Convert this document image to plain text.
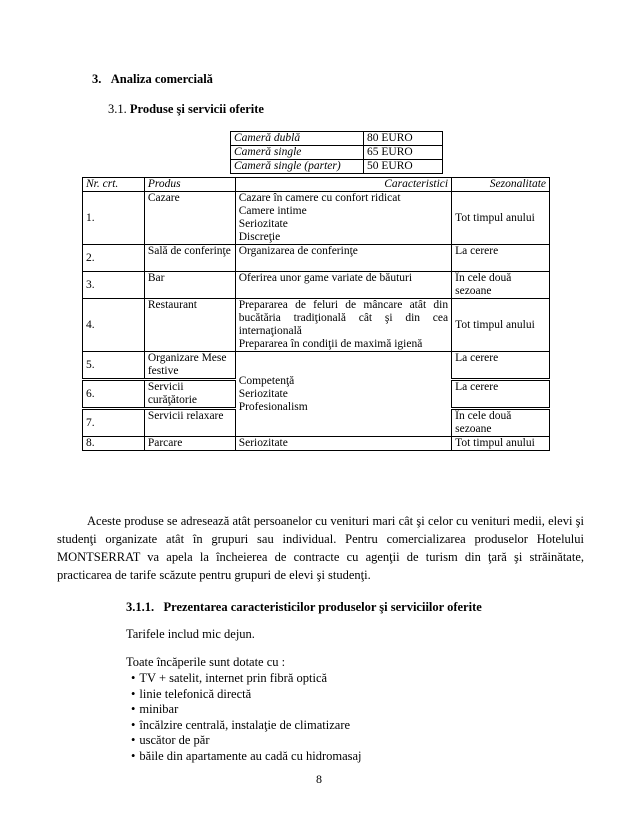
3. Analiza comercială
3.1. Produse şi servicii oferite
Cameră dublă	80 EURO
Cameră single	65 EURO
Cameră single (parter)	50 EURO
Nr. crt.	Produs	Caracteristici	Sezonalitate
1.	Cazare	Cazare în camere cu confort ridicat
Camere intime
Seriozitate
Discreţie	Tot timpul anului
2.	Sală de conferinţe	Organizarea de conferinţe	La cerere
3.	Bar	Oferirea unor game variate de băuturi	În cele două sezoane
4.	Restaurant	Prepararea de feluri de mâncare atât din bucătăria tradiţională cât şi din cea internaţională
Prepararea în condiţii de maximă igienă	Tot timpul anului
5.	Organizare Mese festive	Competenţă
Seriozitate
Profesionalism	La cerere
6.	Servicii curăţătorie		La cerere
7.	Servicii relaxare		În cele două sezoane
8.	Parcare	Seriozitate	Tot timpul anului
Aceste produse se adresează atât persoanelor cu venituri mari cât şi celor cu venituri medii, elevi şi studenţi organizate atât în grupuri sau individual. Pentru comercializarea produselor Hotelului MONTSERRAT va apela la încheierea de contracte cu agenţii de turism din ţară şi străinătate, practicarea de tarife scăzute pentru grupuri de elevi şi studenţi.
3.1.1. Prezentarea caracteristicilor produselor şi serviciilor oferite
Tarifele includ mic dejun.
Toate încăperile sunt dotate cu :
• TV + satelit, internet prin fibră optică
• linie telefonică directă
• minibar
• încălzire centrală, instalaţie de climatizare
• uscător de păr
• băile din apartamente au cadă cu hidromasaj
8
